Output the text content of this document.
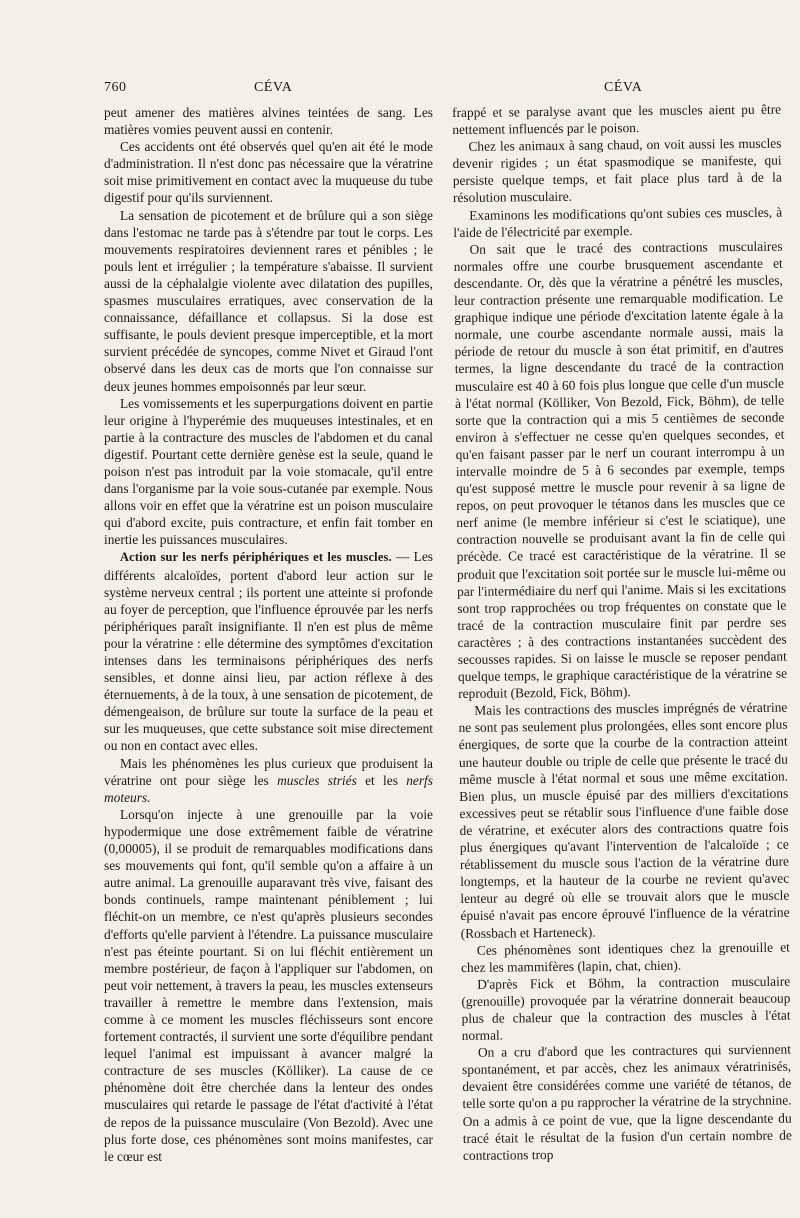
760	CÉVA	CÉVA

peut amener des matières alvines teintées de sang. Les matières vomies peuvent aussi en contenir.

Ces accidents ont été observés quel qu'en ait été le mode d'administration. Il n'est donc pas nécessaire que la vératrine soit mise primitivement en contact avec la muqueuse du tube digestif pour qu'ils surviennent.

La sensation de picotement et de brûlure qui a son siège dans l'estomac ne tarde pas à s'étendre par tout le corps. Les mouvements respiratoires deviennent rares et pénibles ; le pouls lent et irrégulier ; la température s'abaisse. Il survient aussi de la céphalalgie violente avec dilatation des pupilles, spasmes musculaires erratiques, avec conservation de la connaissance, défaillance et collapsus. Si la dose est suffisante, le pouls devient presque imperceptible, et la mort survient précédée de syncopes, comme Nivet et Giraud l'ont observé dans les deux cas de morts que l'on connaisse sur deux jeunes hommes empoisonnés par leur sœur.

Les vomissements et les superpurgations doivent en partie leur origine à l'hyperémie des muqueuses intestinales, et en partie à la contracture des muscles de l'abdomen et du canal digestif. Pourtant cette dernière genèse est la seule, quand le poison n'est pas introduit par la voie stomacale, qu'il entre dans l'organisme par la voie sous-cutanée par exemple. Nous allons voir en effet que la vératrine est un poison musculaire qui d'abord excite, puis contracture, et enfin fait tomber en inertie les puissances musculaires.

Action sur les nerfs périphériques et les muscles. — Les différents alcaloïdes, portent d'abord leur action sur le système nerveux central ; ils portent une atteinte si profonde au foyer de perception, que l'influence éprouvée par les nerfs périphériques paraît insignifiante. Il n'en est plus de même pour la vératrine : elle détermine des symptômes d'excitation intenses dans les terminaisons périphériques des nerfs sensibles, et donne ainsi lieu, par action réflexe à des éternuements, à de la toux, à une sensation de picotement, de démengeaison, de brûlure sur toute la surface de la peau et sur les muqueuses, que cette substance soit mise directement ou non en contact avec elles.

Mais les phénomènes les plus curieux que produisent la vératrine ont pour siège les muscles striés et les nerfs moteurs.

Lorsqu'on injecte à une grenouille par la voie hypodermique une dose extrêmement faible de vératrine (0,00005), il se produit de remarquables modifications dans ses mouvements qui font, qu'il semble qu'on a affaire à un autre animal. La grenouille auparavant très vive, faisant des bonds continuels, rampe maintenant péniblement ; lui fléchit-on un membre, ce n'est qu'après plusieurs secondes d'efforts qu'elle parvient à l'étendre. La puissance musculaire n'est pas éteinte pourtant. Si on lui fléchit entièrement un membre postérieur, de façon à l'appliquer sur l'abdomen, on peut voir nettement, à travers la peau, les muscles extenseurs travailler à remettre le membre dans l'extension, mais comme à ce moment les muscles fléchisseurs sont encore fortement contractés, il survient une sorte d'équilibre pendant lequel l'animal est impuissant à avancer malgré la contracture de ses muscles (Kölliker). La cause de ce phénomène doit être cherchée dans la lenteur des ondes musculaires qui retarde le passage de l'état d'activité à l'état de repos de la puissance musculaire (Von Bezold). Avec une plus forte dose, ces phénomènes sont moins manifestes, car le cœur est

frappé et se paralyse avant que les muscles aient pu être nettement influencés par le poison.

Chez les animaux à sang chaud, on voit aussi les muscles devenir rigides ; un état spasmodique se manifeste, qui persiste quelque temps, et fait place plus tard à de la résolution musculaire.

Examinons les modifications qu'ont subies ces muscles, à l'aide de l'électricité par exemple.

On sait que le tracé des contractions musculaires normales offre une courbe brusquement ascendante et descendante. Or, dès que la vératrine a pénétré les muscles, leur contraction présente une remarquable modification. Le graphique indique une période d'excitation latente égale à la normale, une courbe ascendante normale aussi, mais la période de retour du muscle à son état primitif, en d'autres termes, la ligne descendante du tracé de la contraction musculaire est 40 à 60 fois plus longue que celle d'un muscle à l'état normal (Kölliker, Von Bezold, Fick, Böhm), de telle sorte que la contraction qui a mis 5 centièmes de seconde environ à s'effectuer ne cesse qu'en quelques secondes, et qu'en faisant passer par le nerf un courant interrompu à un intervalle moindre de 5 à 6 secondes par exemple, temps qu'est supposé mettre le muscle pour revenir à sa ligne de repos, on peut provoquer le tétanos dans les muscles que ce nerf anime (le membre inférieur si c'est le sciatique), une contraction nouvelle se produisant avant la fin de celle qui précède. Ce tracé est caractéristique de la vératrine. Il se produit que l'excitation soit portée sur le muscle lui-même ou par l'intermédiaire du nerf qui l'anime. Mais si les excitations sont trop rapprochées ou trop fréquentes on constate que le tracé de la contraction musculaire finit par perdre ses caractères ; à des contractions instantanées succèdent des secousses rapides. Si on laisse le muscle se reposer pendant quelque temps, le graphique caractéristique de la vératrine se reproduit (Bezold, Fick, Böhm).

Mais les contractions des muscles imprégnés de vératrine ne sont pas seulement plus prolongées, elles sont encore plus énergiques, de sorte que la courbe de la contraction atteint une hauteur double ou triple de celle que présente le tracé du même muscle à l'état normal et sous une même excitation. Bien plus, un muscle épuisé par des milliers d'excitations excessives peut se rétablir sous l'influence d'une faible dose de vératrine, et exécuter alors des contractions quatre fois plus énergiques qu'avant l'intervention de l'alcaloïde ; ce rétablissement du muscle sous l'action de la vératrine dure longtemps, et la hauteur de la courbe ne revient qu'avec lenteur au degré où elle se trouvait alors que le muscle épuisé n'avait pas encore éprouvé l'influence de la vératrine (Rossbach et Harteneck).

Ces phénomènes sont identiques chez la grenouille et chez les mammifères (lapin, chat, chien).

D'après Fick et Böhm, la contraction musculaire (grenouille) provoquée par la vératrine donnerait beaucoup plus de chaleur que la contraction des muscles à l'état normal.

On a cru d'abord que les contractures qui surviennent spontanément, et par accès, chez les animaux vératrinisés, devaient être considérées comme une variété de tétanos, de telle sorte qu'on a pu rapprocher la vératrine de la strychnine. On a admis à ce point de vue, que la ligne descendante du tracé était le résultat de la fusion d'un certain nombre de contractions trop
